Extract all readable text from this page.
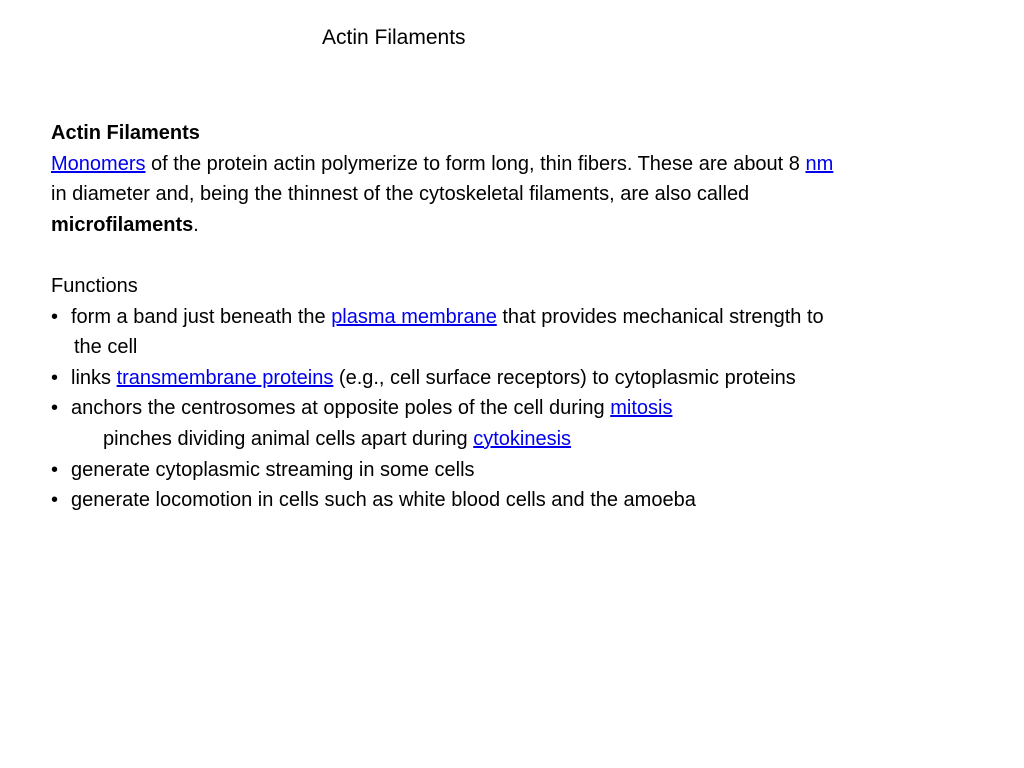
Actin Filaments
Actin Filaments
Monomers of the protein actin polymerize to form long, thin fibers. These are about 8 nm
in diameter and, being the thinnest of the cytoskeletal filaments, are also called
microfilaments.
Functions
• form a band just beneath the plasma membrane that provides mechanical strength to
the cell
• links transmembrane proteins (e.g., cell surface receptors) to cytoplasmic proteins
• anchors the centrosomes at opposite poles of the cell during mitosis
pinches dividing animal cells apart during cytokinesis
• generate cytoplasmic streaming in some cells
• generate locomotion in cells such as white blood cells and the amoeba
